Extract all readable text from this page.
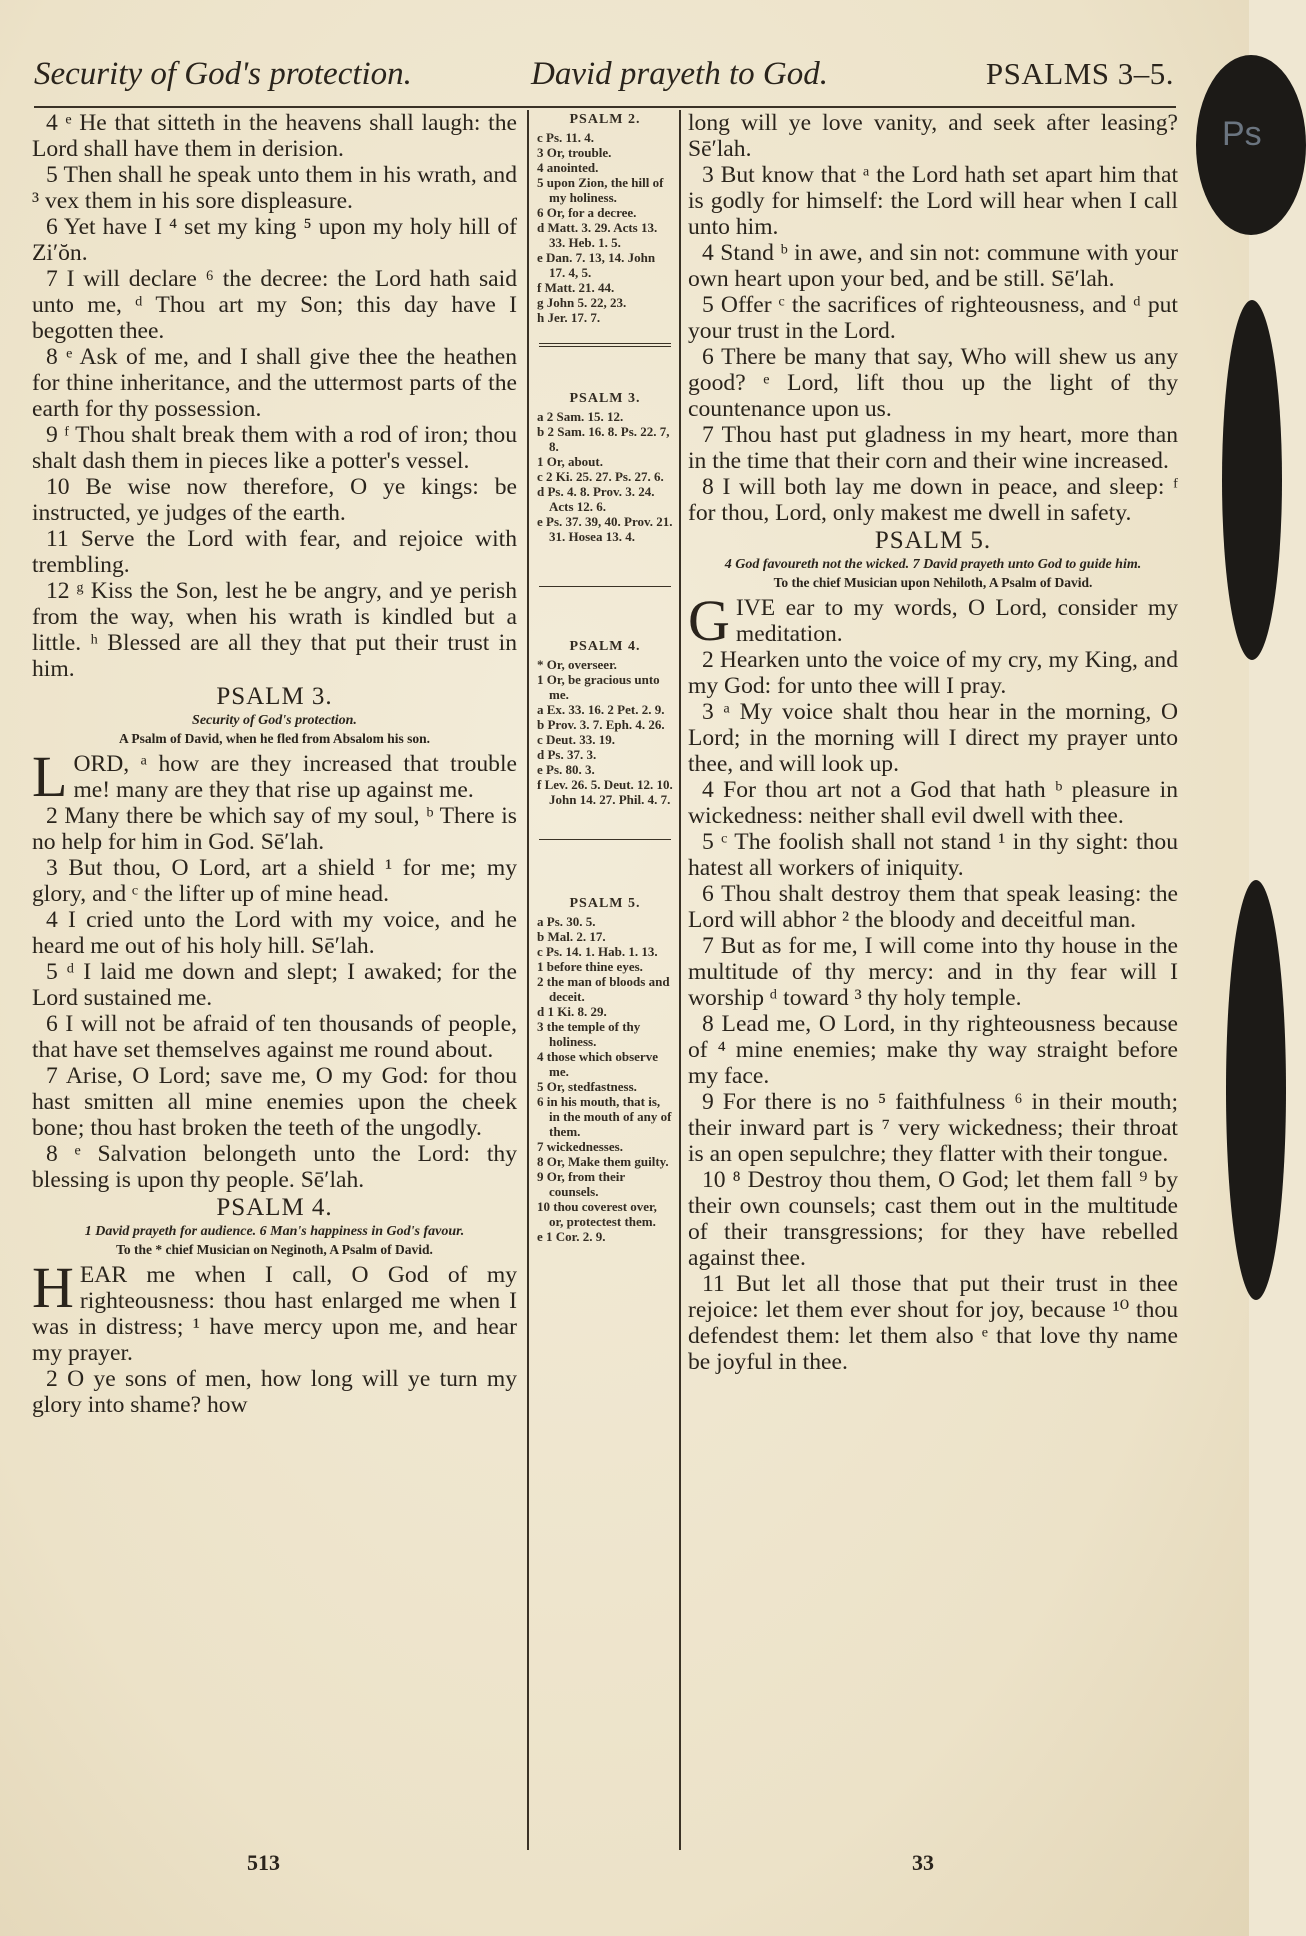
Ps
Security of God's protection.	David prayeth to God.	PSALMS 3–5.

4 ᵉ He that sitteth in the heavens shall laugh: the Lord shall have them in derision.

5 Then shall he speak unto them in his wrath, and ³ vex them in his sore displeasure.

6 Yet have I ⁴ set my king ⁵ upon my holy hill of Zi′ŏn.

7 I will declare ⁶ the decree: the Lord hath said unto me, ᵈ Thou art my Son; this day have I begotten thee.

8 ᵉ Ask of me, and I shall give thee the heathen for thine inheritance, and the uttermost parts of the earth for thy possession.

9 ᶠ Thou shalt break them with a rod of iron; thou shalt dash them in pieces like a potter's vessel.

10 Be wise now therefore, O ye kings: be instructed, ye judges of the earth.

11 Serve the Lord with fear, and rejoice with trembling.

12 ᵍ Kiss the Son, lest he be angry, and ye perish from the way, when his wrath is kindled but a little. ʰ Blessed are all they that put their trust in him.

PSALM 3.

Security of God's protection.

A Psalm of David, when he fled from Absalom his son.

LORD, ᵃ how are they increased that trouble me! many are they that rise up against me.

2 Many there be which say of my soul, ᵇ There is no help for him in God. Sē′lah.

3 But thou, O Lord, art a shield ¹ for me; my glory, and ᶜ the lifter up of mine head.

4 I cried unto the Lord with my voice, and he heard me out of his holy hill. Sē′lah.

5 ᵈ I laid me down and slept; I awaked; for the Lord sustained me.

6 I will not be afraid of ten thousands of people, that have set themselves against me round about.

7 Arise, O Lord; save me, O my God: for thou hast smitten all mine enemies upon the cheek bone; thou hast broken the teeth of the ungodly.

8 ᵉ Salvation belongeth unto the Lord: thy blessing is upon thy people. Sē′lah.

PSALM 4.

1 David prayeth for audience. 6 Man's happiness in God's favour.

To the * chief Musician on Neginoth, A Psalm of David.

HEAR me when I call, O God of my righteousness: thou hast enlarged me when I was in distress; ¹ have mercy upon me, and hear my prayer.

2 O ye sons of men, how long will ye turn my glory into shame? how

PSALM 2.
c Ps. 11. 4.
3 Or, trouble.
4 anointed.
5 upon Zion, the hill of my holiness.
6 Or, for a decree.
d Matt. 3. 29. Acts 13. 33. Heb. 1. 5.
e Dan. 7. 13, 14. John 17. 4, 5.
f Matt. 21. 44.
g John 5. 22, 23.
h Jer. 17. 7.
PSALM 3.
a 2 Sam. 15. 12.
b 2 Sam. 16. 8. Ps. 22. 7, 8.
1 Or, about.
c 2 Ki. 25. 27. Ps. 27. 6.
d Ps. 4. 8. Prov. 3. 24. Acts 12. 6.
e Ps. 37. 39, 40. Prov. 21. 31. Hosea 13. 4.
PSALM 4.
* Or, overseer.
1 Or, be gracious unto me.
a Ex. 33. 16. 2 Pet. 2. 9.
b Prov. 3. 7. Eph. 4. 26.
c Deut. 33. 19.
d Ps. 37. 3.
e Ps. 80. 3.
f Lev. 26. 5. Deut. 12. 10. John 14. 27. Phil. 4. 7.
PSALM 5.
a Ps. 30. 5.
b Mal. 2. 17.
c Ps. 14. 1. Hab. 1. 13.
1 before thine eyes.
2 the man of bloods and deceit.
d 1 Ki. 8. 29.
3 the temple of thy holiness.
4 those which observe me.
5 Or, stedfastness.
6 in his mouth, that is, in the mouth of any of them.
7 wickednesses.
8 Or, Make them guilty.
9 Or, from their counsels.
10 thou coverest over, or, protectest them.
e 1 Cor. 2. 9.

long will ye love vanity, and seek after leasing? Sē′lah.

3 But know that ᵃ the Lord hath set apart him that is godly for himself: the Lord will hear when I call unto him.

4 Stand ᵇ in awe, and sin not: commune with your own heart upon your bed, and be still. Sē′lah.

5 Offer ᶜ the sacrifices of righteousness, and ᵈ put your trust in the Lord.

6 There be many that say, Who will shew us any good? ᵉ Lord, lift thou up the light of thy countenance upon us.

7 Thou hast put gladness in my heart, more than in the time that their corn and their wine increased.

8 I will both lay me down in peace, and sleep: ᶠ for thou, Lord, only makest me dwell in safety.

PSALM 5.

4 God favoureth not the wicked. 7 David prayeth unto God to guide him.

To the chief Musician upon Nehiloth, A Psalm of David.

GIVE ear to my words, O Lord, consider my meditation.

2 Hearken unto the voice of my cry, my King, and my God: for unto thee will I pray.

3 ᵃ My voice shalt thou hear in the morning, O Lord; in the morning will I direct my prayer unto thee, and will look up.

4 For thou art not a God that hath ᵇ pleasure in wickedness: neither shall evil dwell with thee.

5 ᶜ The foolish shall not stand ¹ in thy sight: thou hatest all workers of iniquity.

6 Thou shalt destroy them that speak leasing: the Lord will abhor ² the bloody and deceitful man.

7 But as for me, I will come into thy house in the multitude of thy mercy: and in thy fear will I worship ᵈ toward ³ thy holy temple.

8 Lead me, O Lord, in thy righteousness because of ⁴ mine enemies; make thy way straight before my face.

9 For there is no ⁵ faithfulness ⁶ in their mouth; their inward part is ⁷ very wickedness; their throat is an open sepulchre; they flatter with their tongue.

10 ⁸ Destroy thou them, O God; let them fall ⁹ by their own counsels; cast them out in the multitude of their transgressions; for they have rebelled against thee.

11 But let all those that put their trust in thee rejoice: let them ever shout for joy, because ¹⁰ thou defendest them: let them also ᵉ that love thy name be joyful in thee.

513	33
